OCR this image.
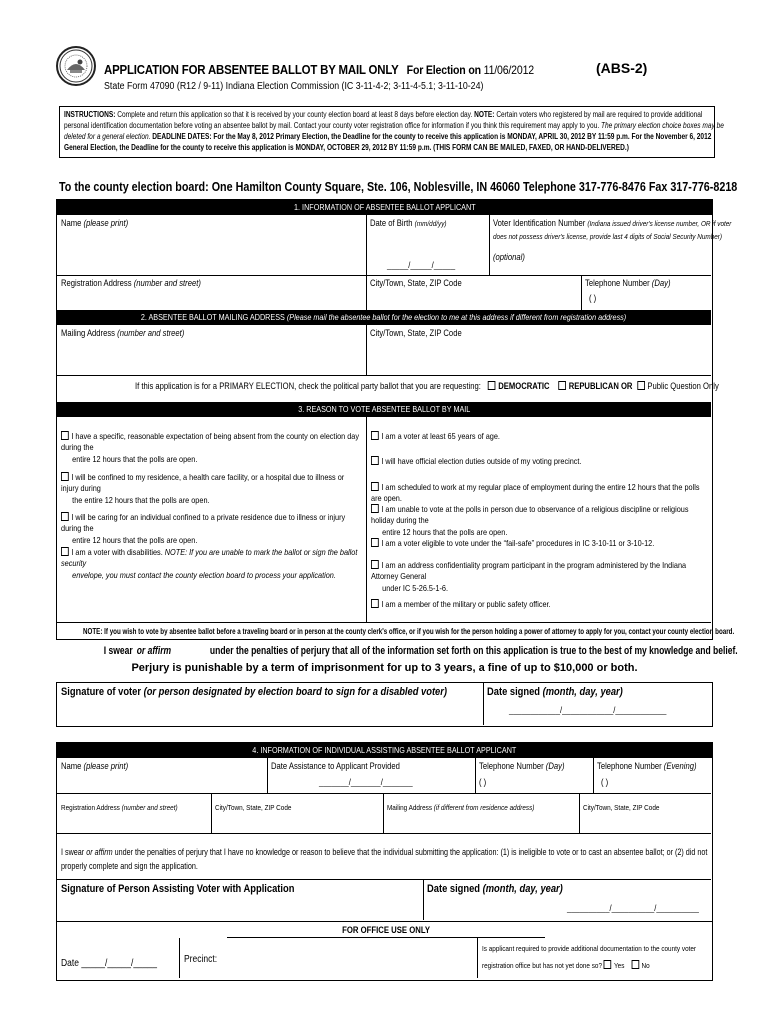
APPLICATION FOR ABSENTEE BALLOT BY MAIL ONLY For Election on 11/06/2012	(ABS-2)
State Form 47090 (R12 / 9-11) Indiana Election Commission (IC 3-11-4-2; 3-11-4-5.1; 3-11-10-24)
INSTRUCTIONS: Complete and return this application so that it is received by your county election board at least 8 days before election day. NOTE: Certain voters who registered by mail are required to provide additional
personal identification documentation before voting an absentee ballot by mail. Contact your county voter registration office for information if you think this requirement may apply to you. The primary election choice boxes may be
deleted for a general election. DEADLINE DATES: For the May 8, 2012 Primary Election, the Deadline for the county to receive this application is MONDAY, APRIL 30, 2012 BY 11:59 p.m. For the November 6, 2012
General Election, the Deadline for the county to receive this application is MONDAY, OCTOBER 29, 2012 BY 11:59 p.m. (THIS FORM CAN BE MAILED, FAXED, OR HAND-DELIVERED.)
To the county election board: One Hamilton County Square, Ste. 106, Noblesville, IN 46060 Telephone 317-776-8476 Fax 317-776-8218
1. INFORMATION OF ABSENTEE BALLOT APPLICANT
Name (please print)	Date of Birth (mm/dd/yy)
_____/_____/_____
Voter Identification Number (Indiana issued driver's license number, OR if voter
does not possess driver's license, provide last 4 digits of Social Security Number)
(optional)
Registration Address (number and street)	City/Town, State, ZIP Code	Telephone Number (Day)
( )
2. ABSENTEE BALLOT MAILING ADDRESS (Please mail the absentee ballot for the election to me at this address if different from registration address)
Mailing Address (number and street)	City/Town, State, ZIP Code
If this application is for a PRIMARY ELECTION, check the political party ballot that you are requesting: DEMOCRATIC REPUBLICAN OR Public Question Only
3. REASON TO VOTE ABSENTEE BALLOT BY MAIL
I have a specific, reasonable expectation of being absent from the county on election day during the
entire 12 hours that the polls are open.
I will be confined to my residence, a health care facility, or a hospital due to illness or injury during
the entire 12 hours that the polls are open.
I will be caring for an individual confined to a private residence due to illness or injury during the
entire 12 hours that the polls are open.
I am a voter with disabilities. NOTE: If you are unable to mark the ballot or sign the ballot security
envelope, you must contact the county election board to process your application.
I am a voter at least 65 years of age.
I will have official election duties outside of my voting precinct.
I am scheduled to work at my regular place of employment during the entire 12 hours that the polls are open.
I am unable to vote at the polls in person due to observance of a religious discipline or religious holiday during the
entire 12 hours that the polls are open.
I am a voter eligible to vote under the “fail-safe” procedures in IC 3-10-11 or 3-10-12.
I am an address confidentiality program participant in the program administered by the Indiana Attorney General
under IC 5-26.5-1-6.
I am a member of the military or public safety officer.
NOTE: If you wish to vote by absentee ballot before a traveling board or in person at the county clerk's office, or if you wish for the person holding a power of attorney to apply for you, contact your county election board.
I swearor affirm	under the penalties of perjury that all of the information set forth on this application is true to the best of my knowledge and belief.
Perjury is punishable by a term of imprisonment for up to 3 years, a fine of up to $10,000 or both.
Signature of voter (or person designated by election board to sign for a disabled voter)	Date signed (month, day, year)
____________/____________/____________
4. INFORMATION OF INDIVIDUAL ASSISTING ABSENTEE BALLOT APPLICANT
Name (please print)	Date Assistance to Applicant Provided
_______/_______/_______
Telephone Number (Day)
( )
Telephone Number (Evening)
( )
Registration Address (number and street)	City/Town, State, ZIP Code	Mailing Address (if different from residence address)	City/Town, State, ZIP Code
I swear or affirm under the penalties of perjury that I have no knowledge or reason to believe that the individual submitting the application: (1) is ineligible to vote or to cast an absentee ballot; or (2) did not
properly complete and sign the application.
Signature of Person Assisting Voter with Application	Date signed (month, day, year)
__________/__________/__________
FOR OFFICE USE ONLY
Date _____/_____/_____	Precinct:
Is applicant required to provide additional documentation to the county voter
registration office but has not yet done so? Yes No
